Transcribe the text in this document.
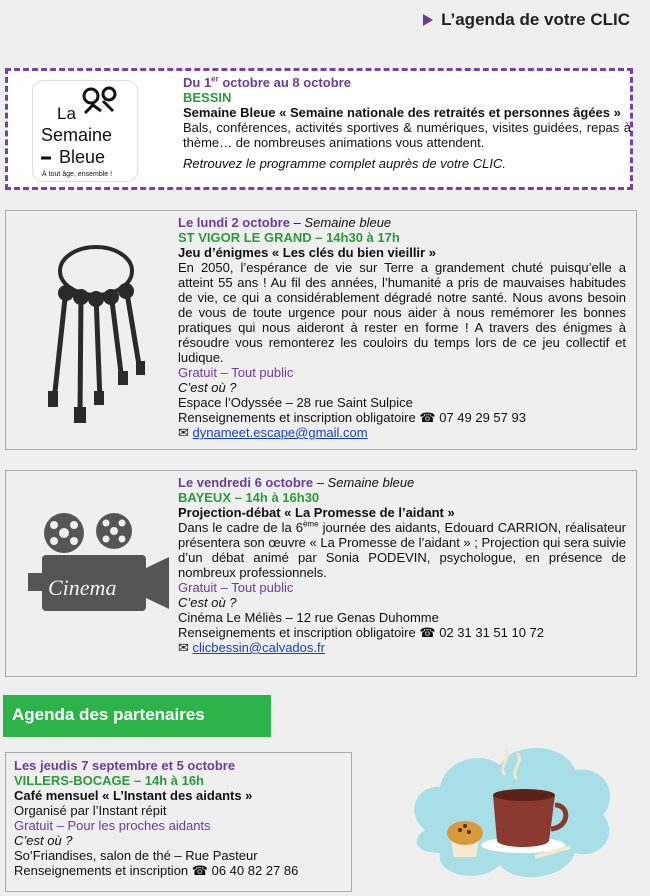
L’agenda de votre CLIC
La
Semaine
Bleue
À tout âge, ensemble !
Du 1er octobre au 8 octobre
BESSIN
Semaine Bleue « Semaine nationale des retraités et personnes âgées »
Bals, conférences, activités sportives & numériques, visites guidées, repas à thème… de nombreuses animations vous attendent.
Retrouvez le programme complet auprès de votre CLIC.
Le lundi 2 octobre – Semaine bleue
ST VIGOR LE GRAND – 14h30 à 17h
Jeu d’énigmes « Les clés du bien vieillir »
En 2050, l’espérance de vie sur Terre a grandement chuté puisqu’elle a atteint 55 ans ! Au fil des années, l’humanité a pris de mauvaises habitudes de vie, ce qui a considérablement dégradé notre santé. Nous avons besoin de vous de toute urgence pour nous aider à nous remémorer les bonnes pratiques qui nous aideront à rester en forme ! A travers des énigmes à résoudre vous remonterez les couloirs du temps lors de ce jeu collectif et ludique.
Gratuit – Tout public
C’est où ?
Espace l’Odyssée – 28 rue Saint Sulpice
Renseignements et inscription obligatoire ☎ 07 49 29 57 93
✉ dynameet.escape@gmail.com
Cinema
Le vendredi 6 octobre – Semaine bleue
BAYEUX – 14h à 16h30
Projection-débat « La Promesse de l’aidant »
Dans le cadre de la 6ème journée des aidants, Edouard CARRION, réalisateur présentera son œuvre « La Promesse de l’aidant » ; Projection qui sera suivie d’un débat animé par Sonia PODEVIN, psychologue, en présence de nombreux professionnels.
Gratuit – Tout public
C’est où ?
Cinéma Le Méliès – 12 rue Genas Duhomme
Renseignements et inscription obligatoire ☎ 02 31 31 51 10 72
✉ clicbessin@calvados.fr
Agenda des partenaires
Les jeudis 7 septembre et 5 octobre
VILLERS-BOCAGE – 14h à 16h
Café mensuel « L’Instant des aidants »
Organisé par l’Instant répit
Gratuit – Pour les proches aidants
C’est où ?
So’Friandises, salon de thé – Rue Pasteur
Renseignements et inscription ☎ 06 40 82 27 86
